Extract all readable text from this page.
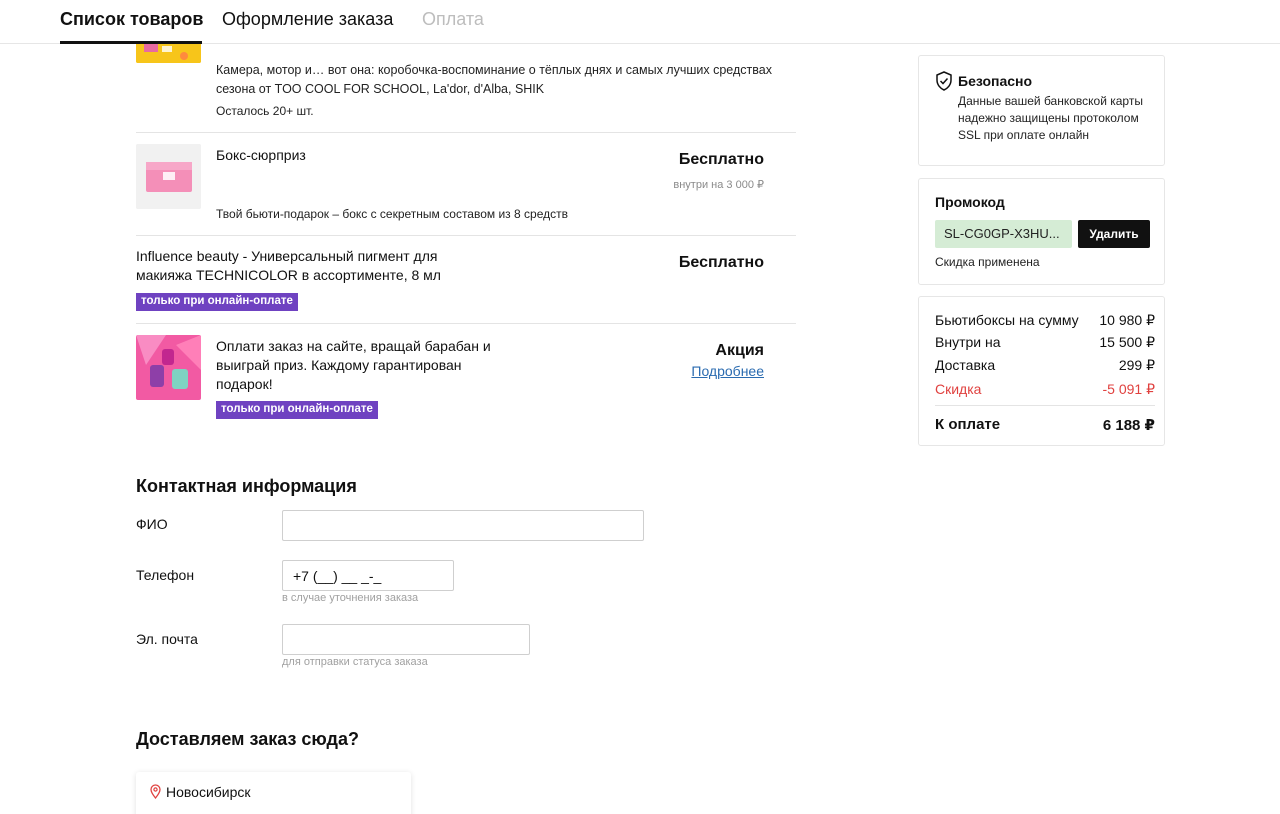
Список товаров Оформление заказа Оплата
Камера, мотор и… вот она: коробочка-воспоминание о тёплых днях и самых лучших средствах
сезона от TOO COOL FOR SCHOOL, La'dor, d'Alba, SHIK
Осталось 20+ шт.
Бокс-сюрприз	Бесплатно
внутри на 3 000 ₽
Твой бьюти-подарок – бокс с секретным составом из 8 средств
Influence beauty - Универсальный пигмент для
макияжа TECHNICOLOR в ассортименте, 8 мл
Бесплатно
только при онлайн-оплате
Оплати заказ на сайте, вращай барабан и
выиграй приз. Каждому гарантирован
подарок!
Акция
Подробнее
только при онлайн-оплате
Безопасно
Данные вашей банковской карты
надежно защищены протоколом
SSL при оплате онлайн
Промокод
SL-CG0GP-X3HU...	Удалить
Скидка применена
Бьютибоксы на сумму 10 980 ₽
Внутри на	15 500 ₽
Доставка	299 ₽
Скидка	-5 091 ₽
К оплате	6 188 ₽
Контактная информация
ФИО
Телефон
+7 (__) __ _-_
в случае уточнения заказа
Эл. почта
для отправки статуса заказа
Доставляем заказ сюда?
Новосибирск
